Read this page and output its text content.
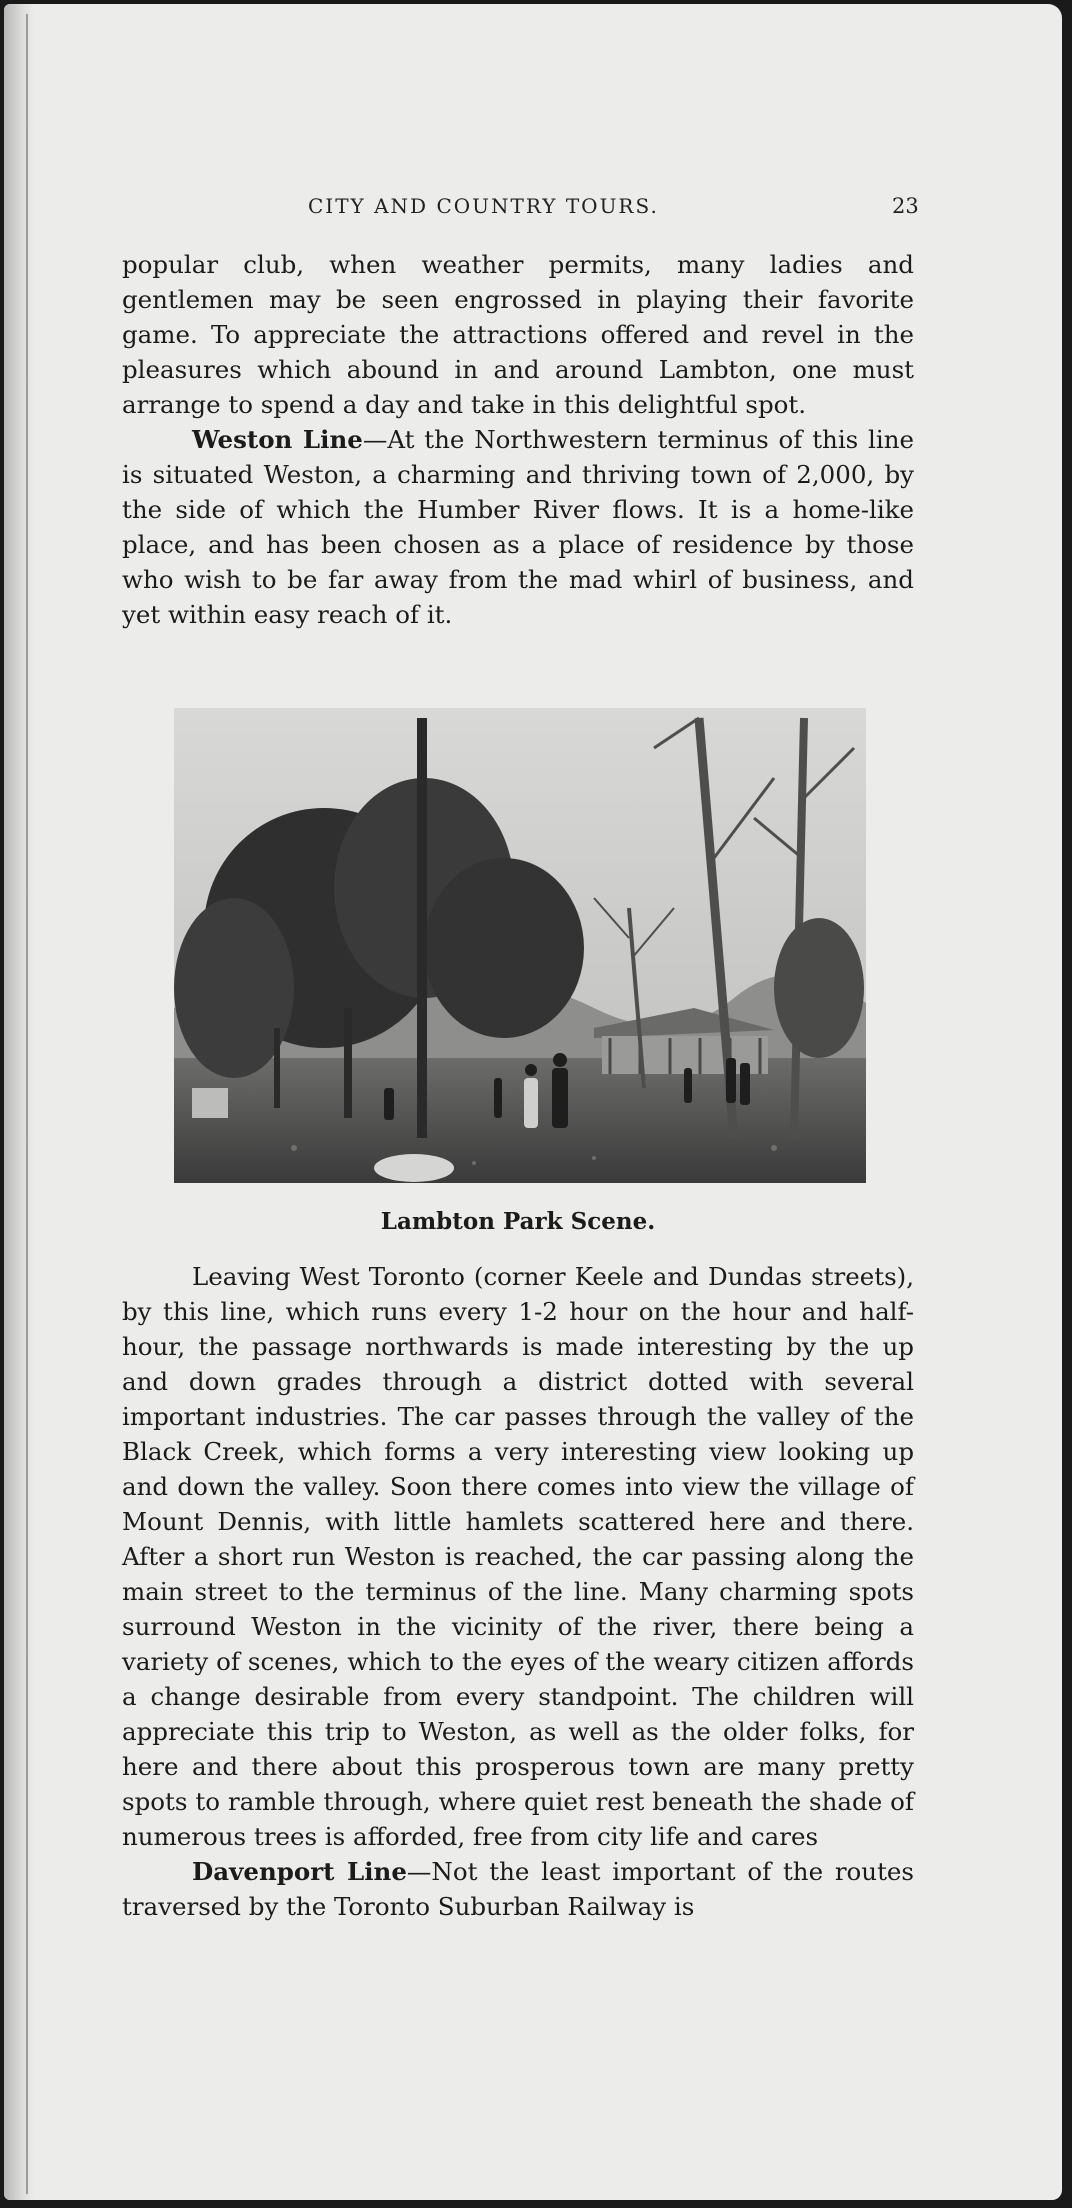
CITY AND COUNTRY TOURS.	23

popular club, when weather permits, many ladies and gentlemen may be seen engrossed in playing their favorite game. To appreciate the attractions offered and revel in the pleasures which abound in and around Lambton, one must arrange to spend a day and take in this delightful spot.

Weston Line—At the Northwestern terminus of this line is situated Weston, a charming and thriving town of 2,000, by the side of which the Humber River flows. It is a home-like place, and has been chosen as a place of residence by those who wish to be far away from the mad whirl of business, and yet within easy reach of it.

Lambton Park Scene.

Leaving West Toronto (corner Keele and Dundas streets), by this line, which runs every 1-2 hour on the hour and half-hour, the passage northwards is made interesting by the up and down grades through a district dotted with several important industries. The car passes through the valley of the Black Creek, which forms a very interesting view looking up and down the valley. Soon there comes into view the village of Mount Dennis, with little hamlets scattered here and there. After a short run Weston is reached, the car passing along the main street to the terminus of the line. Many charming spots surround Weston in the vicinity of the river, there being a variety of scenes, which to the eyes of the weary citizen affords a change desirable from every standpoint. The children will appreciate this trip to Weston, as well as the older folks, for here and there about this prosperous town are many pretty spots to ramble through, where quiet rest beneath the shade of numerous trees is afforded, free from city life and cares

Davenport Line—Not the least important of the routes traversed by the Toronto Suburban Railway is
